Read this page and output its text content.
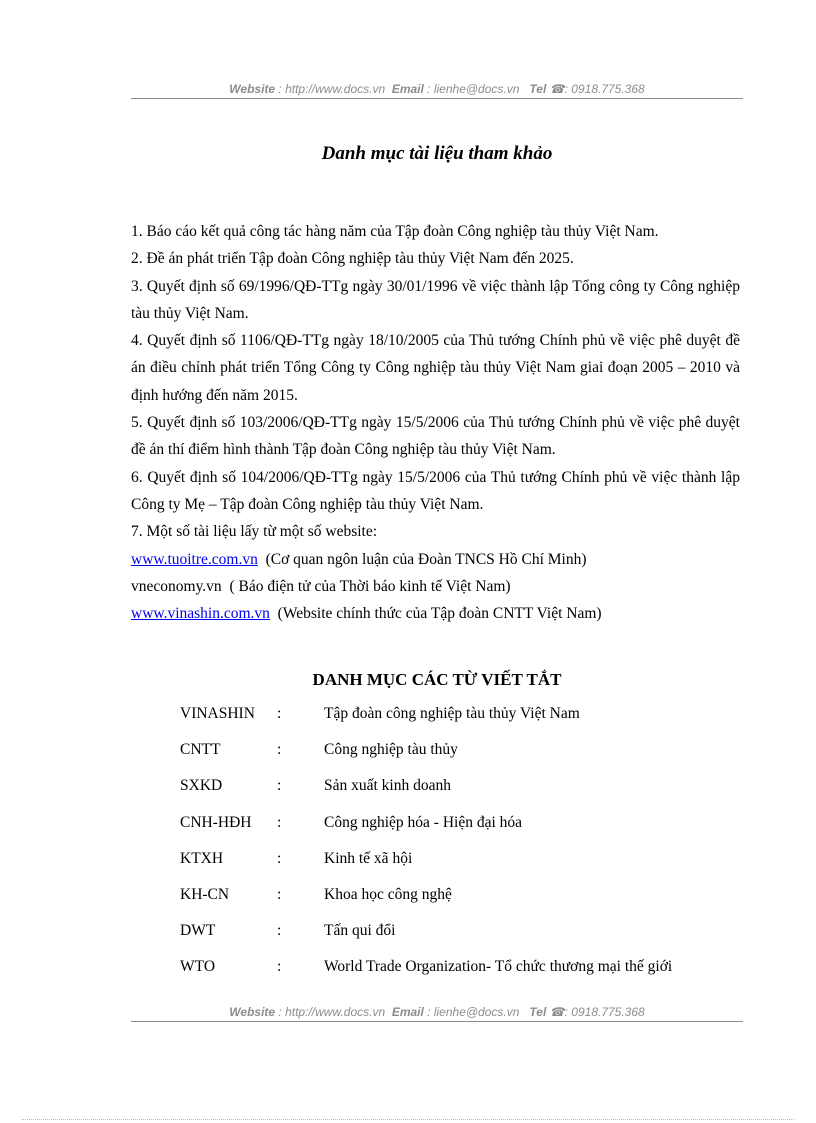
Website : http://www.docs.vn Email : lienhe@docs.vn Tel ☎: 0918.775.368
Danh mục tài liệu tham khảo
1. Báo cáo kết quả công tác hàng năm của Tập đoàn Công nghiệp tàu thủy Việt Nam.
2. Đề án phát triển Tập đoàn Công nghiệp tàu thủy Việt Nam đến 2025.
3. Quyết định số 69/1996/QĐ-TTg ngày 30/01/1996 về việc thành lập Tổng công ty Công nghiệp tàu thủy Việt Nam.
4. Quyết định số 1106/QĐ-TTg ngày 18/10/2005 của Thủ tướng Chính phủ về việc phê duyệt đề án điều chỉnh phát triển Tổng Công ty Công nghiệp tàu thủy Việt Nam giai đoạn 2005 – 2010 và định hướng đến năm 2015.
5. Quyết định số 103/2006/QĐ-TTg ngày 15/5/2006 của Thủ tướng Chính phủ về việc phê duyệt đề án thí điểm hình thành Tập đoàn Công nghiệp tàu thủy Việt Nam.
6. Quyết định số 104/2006/QĐ-TTg ngày 15/5/2006 của Thủ tướng Chính phủ về việc thành lập Công ty Mẹ – Tập đoàn Công nghiệp tàu thủy Việt Nam.
7. Một số tài liệu lấy từ một số website:
www.tuoitre.com.vn (Cơ quan ngôn luận của Đoàn TNCS Hồ Chí Minh)
vneconomy.vn ( Báo điện tử của Thời báo kinh tế Việt Nam)
www.vinashin.com.vn (Website chính thức của Tập đoàn CNTT Việt Nam)
DANH MỤC CÁC TỪ VIẾT TẮT
VINASHIN	:	Tập đoàn công nghiệp tàu thủy Việt Nam
CNTT	:	Công nghiệp tàu thủy
SXKD	:	Sản xuất kinh doanh
CNH-HĐH	:	Công nghiệp hóa - Hiện đại hóa
KTXH	:	Kinh tế xã hội
KH-CN	:	Khoa học công nghệ
DWT	:	Tấn qui đổi
WTO	:	World Trade Organization- Tổ chức thương mại thế giới
Website : http://www.docs.vn Email : lienhe@docs.vn Tel ☎: 0918.775.368
